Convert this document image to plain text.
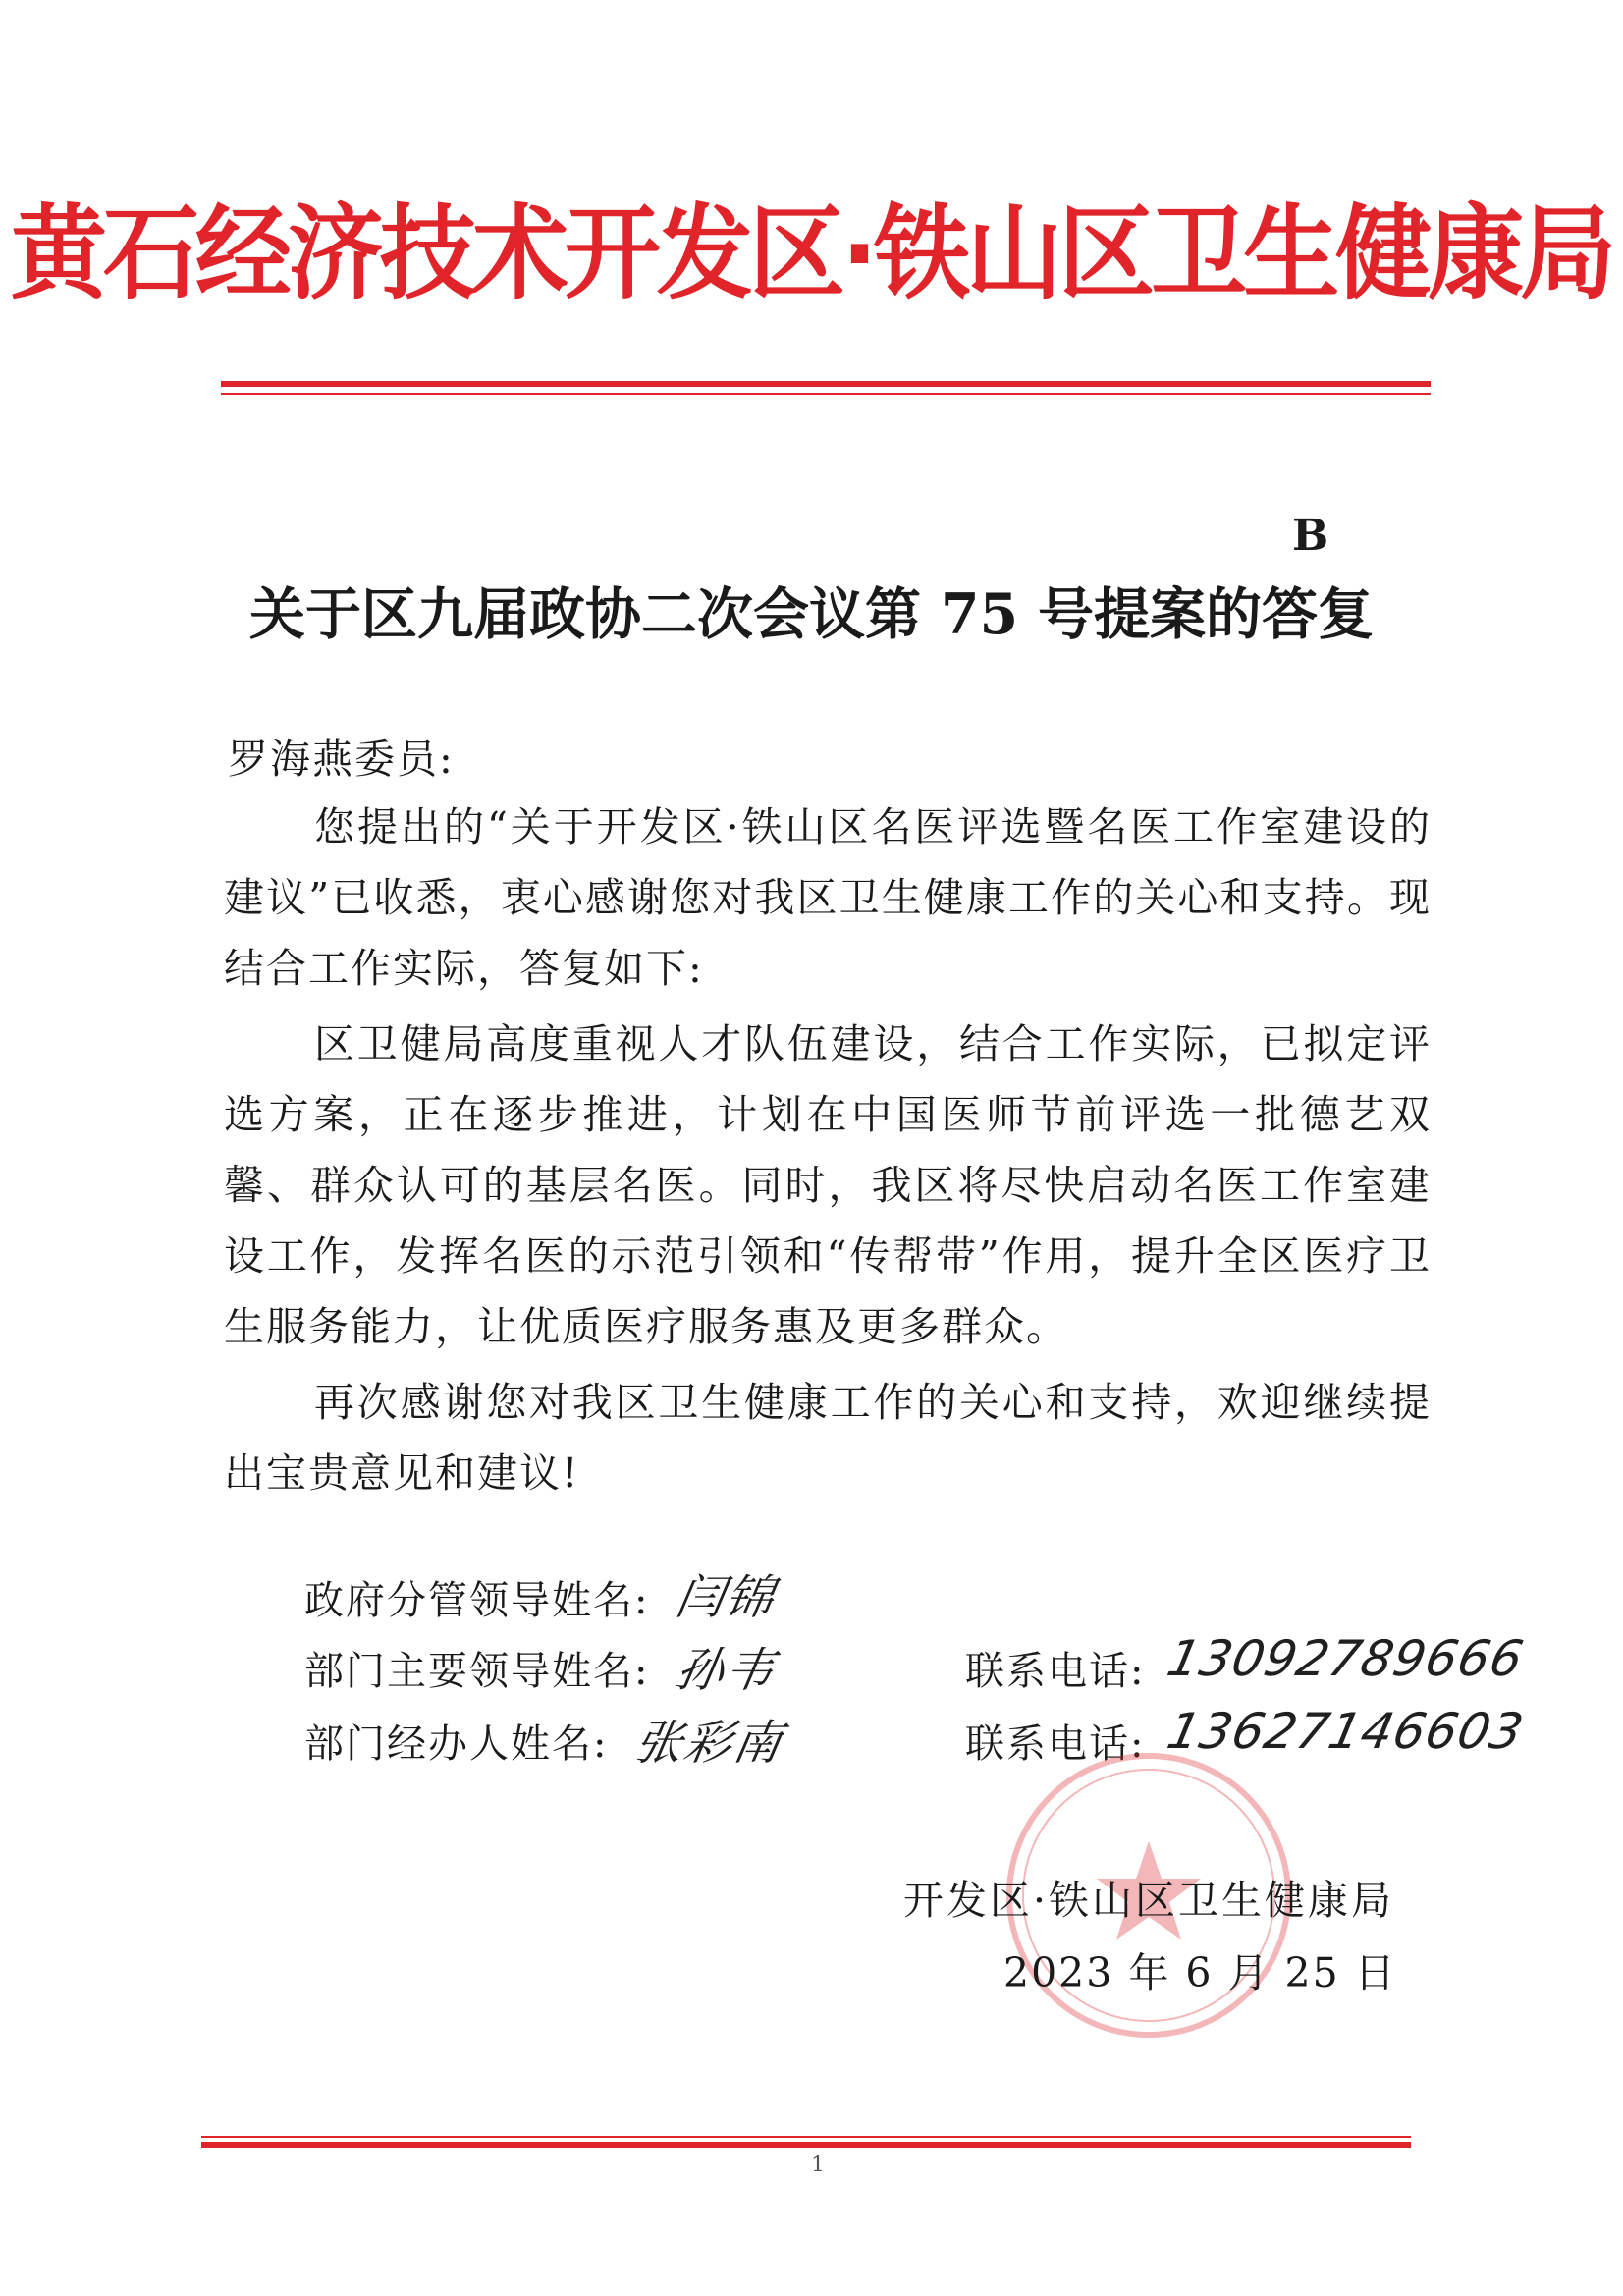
黄石经济技术开发区·铁山区卫生健康局
B
关于区九届政协二次会议第 75 号提案的答复
罗海燕委员:
您提出的“关于开发区·铁山区名医评选暨名医工作室建设的建议”已收悉，衷心感谢您对我区卫生健康工作的关心和支持。现结合工作实际，答复如下:
区卫健局高度重视人才队伍建设，结合工作实际，已拟定评选方案，正在逐步推进，计划在中国医师节前评选一批德艺双馨、群众认可的基层名医。同时，我区将尽快启动名医工作室建设工作，发挥名医的示范引领和“传帮带”作用，提升全区医疗卫生服务能力，让优质医疗服务惠及更多群众。
再次感谢您对我区卫生健康工作的关心和支持，欢迎继续提出宝贵意见和建议!
政府分管领导姓名: 闫锦
部门主要领导姓名: 孙韦
部门经办人姓名: 张彩南
联系电话: 13092789666
联系电话: 13627146603
开发区·铁山区卫生健康局
2023 年 6 月 25 日
1
